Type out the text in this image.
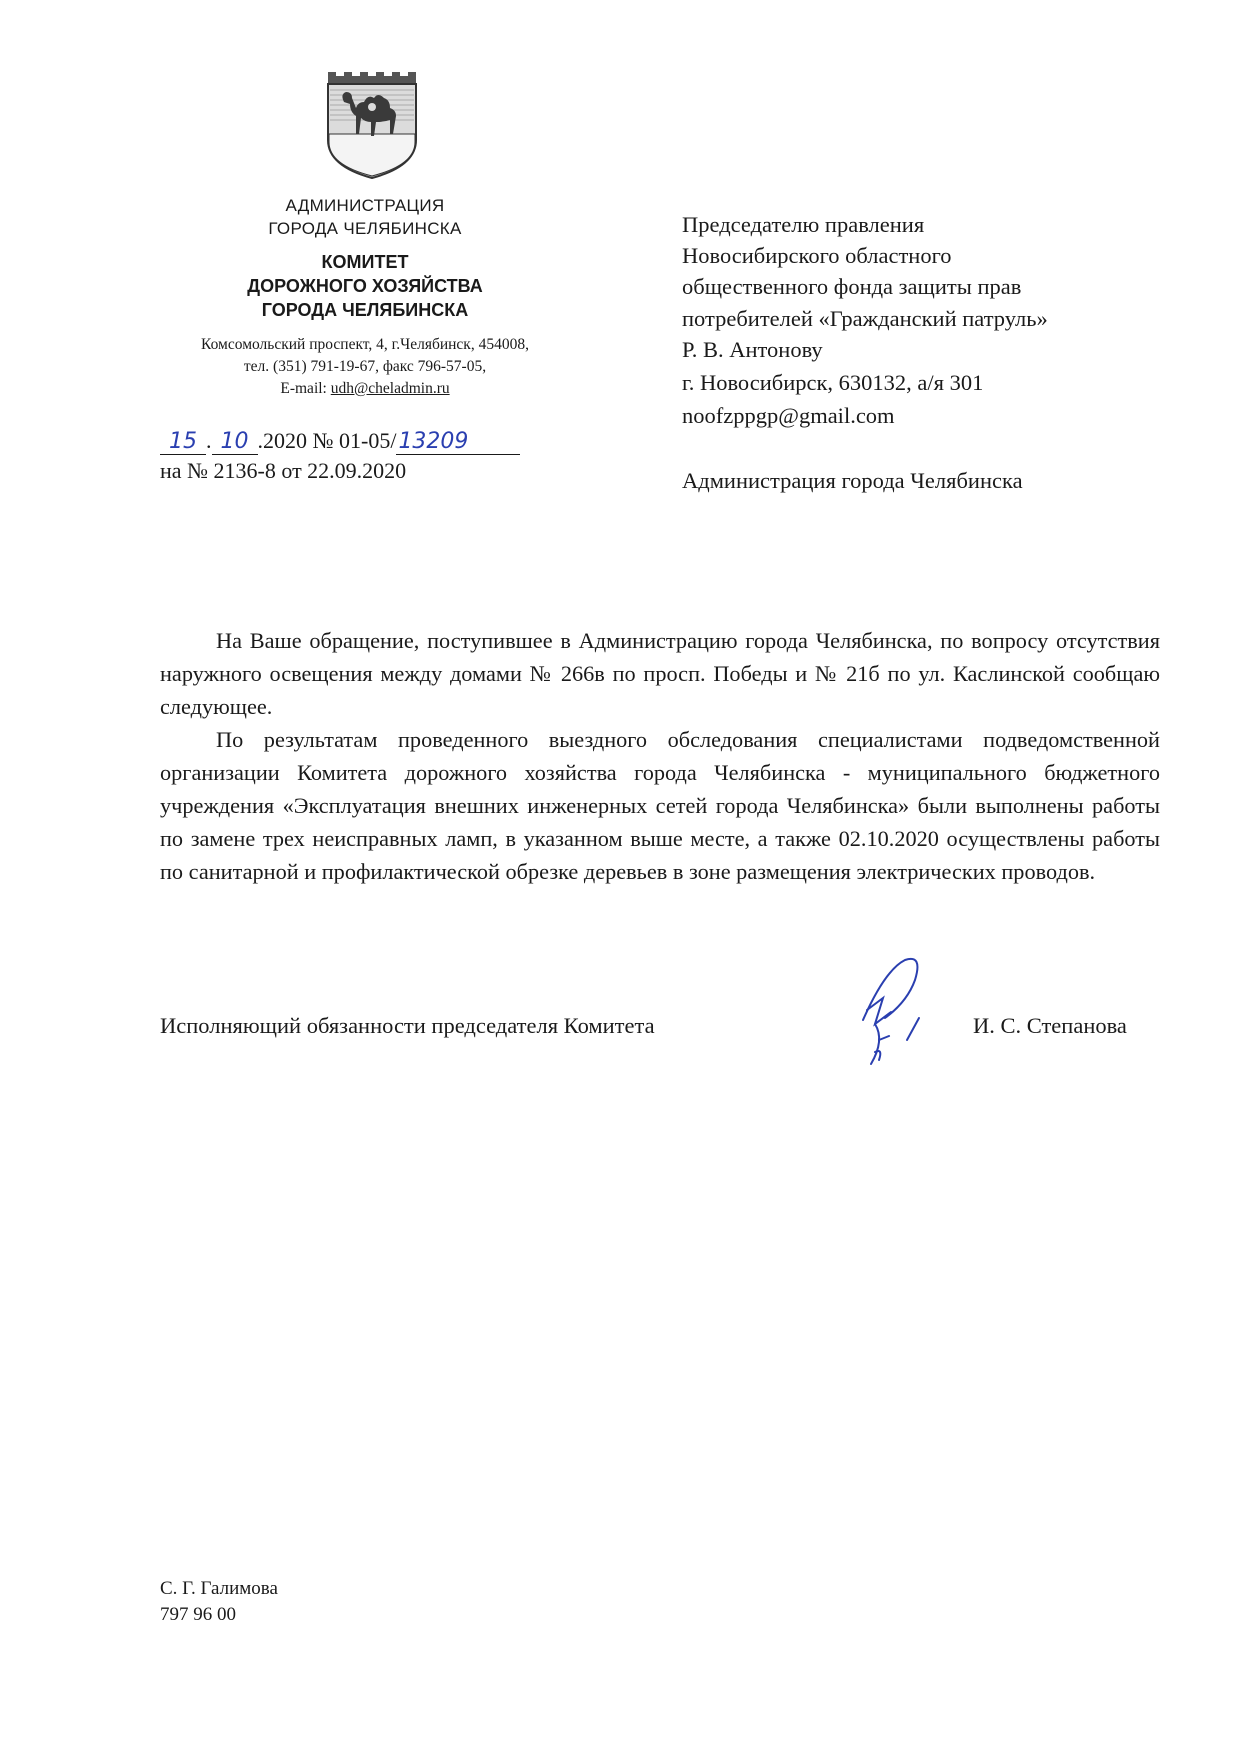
АДМИНИСТРАЦИЯ
ГОРОДА ЧЕЛЯБИНСКА
КОМИТЕТ
ДОРОЖНОГО ХОЗЯЙСТВА
ГОРОДА ЧЕЛЯБИНСКА
Комсомольский проспект, 4, г.Челябинск, 454008,
тел. (351) 791-19-67, факс 796-57-05,
E-mail: udh@cheladmin.ru
15 . 10 .2020 № 01-05/13209
на № 2136-8 от 22.09.2020
Председателю правления
Новосибирского областного
общественного фонда защиты прав
потребителей «Гражданский патруль»
Р. В. Антонову
г. Новосибирск, 630132, а/я 301
noofzppgp@gmail.com
Администрация города Челябинска

На Ваше обращение, поступившее в Администрацию города Челябинска, по вопросу отсутствия наружного освещения между домами № 266в по просп. Победы и № 21б по ул. Каслинской сообщаю следующее.

По результатам проведенного выездного обследования специалистами подведомственной организации Комитета дорожного хозяйства города Челябинска - муниципального бюджетного учреждения «Эксплуатация внешних инженерных сетей города Челябинска» были выполнены работы по замене трех неисправных ламп, в указанном выше месте, а также 02.10.2020 осуществлены работы по санитарной и профилактической обрезке деревьев в зоне размещения электрических проводов.

Исполняющий обязанности председателя Комитета	И. С. Степанова
С. Г. Галимова
797 96 00
